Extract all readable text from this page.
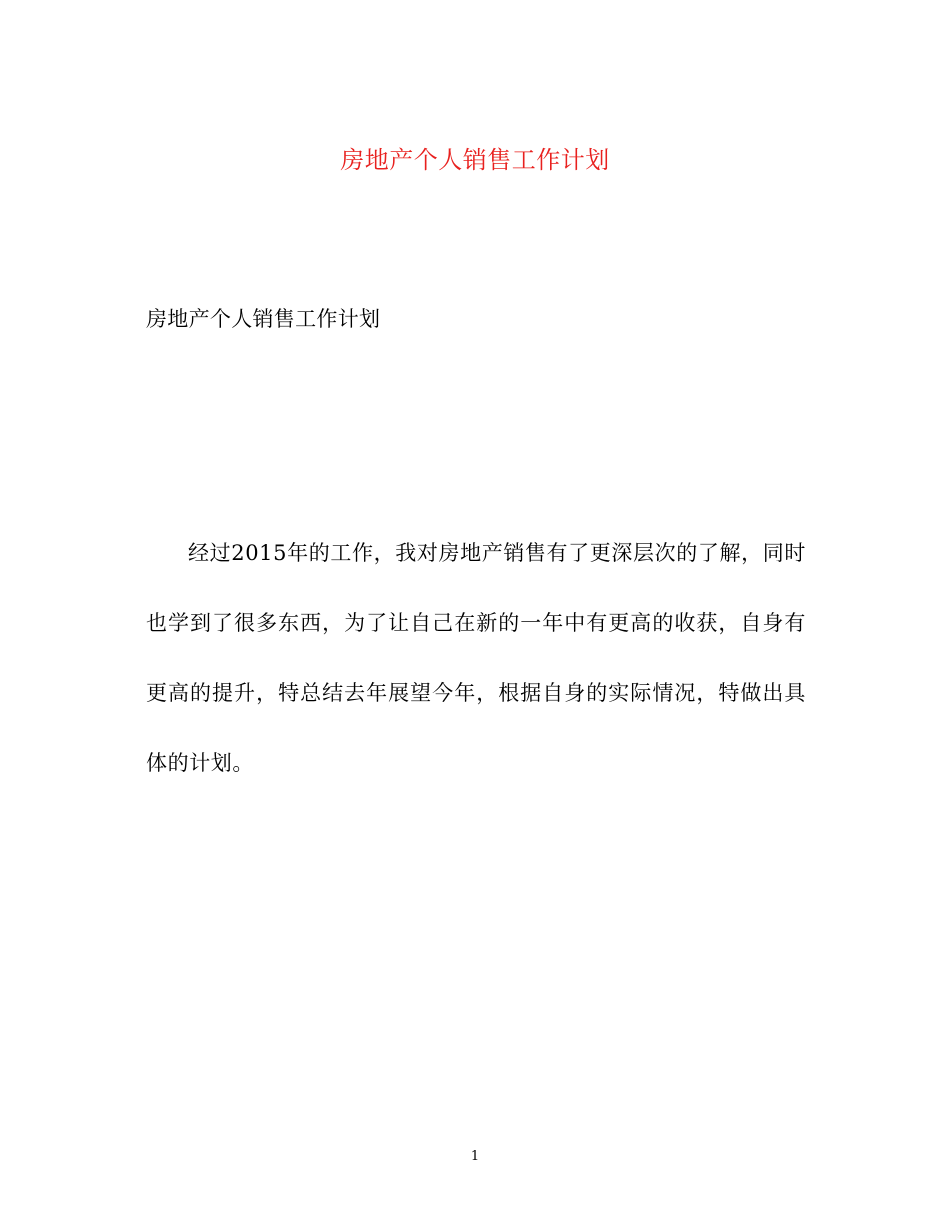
房地产个人销售工作计划
房地产个人销售工作计划

经过2015年的工作，我对房地产销售有了更深层次的了解，同时也学到了很多东西，为了让自己在新的一年中有更高的收获，自身有更高的提升，特总结去年展望今年，根据自身的实际情况，特做出具体的计划。

1
